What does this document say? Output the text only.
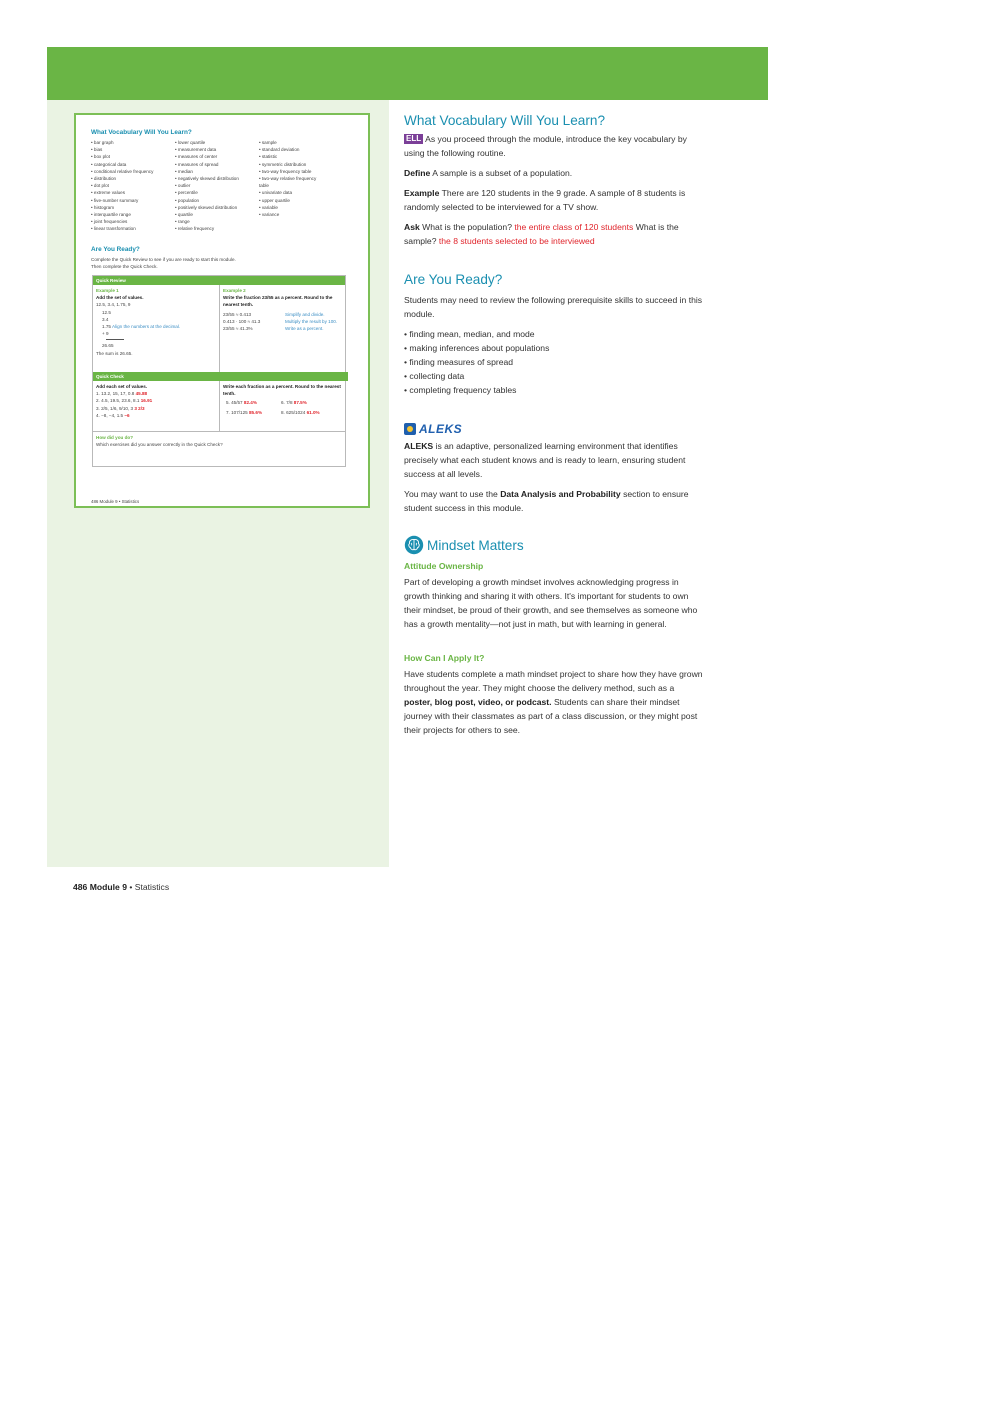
What Vocabulary Will You Learn?
• bar graph
• bias
• box plot
• categorical data
• conditional relative frequency
• distribution
• dot plot
• extreme values
• five-number summary
• histogram
• interquartile range
• joint frequencies
• linear transformation
• lower quartile
• measurement data
• measures of center
• measures of spread
• median
• negatively skewed distribution
• outlier
• percentile
• population
• positively skewed distribution
• quartile
• range
• relative frequency
• sample
• standard deviation
• statistic
• symmetric distribution
• two-way frequency table
• two-way relative frequency
table
• univariate data
• upper quartile
• variable
• variance
Are You Ready?
Complete the Quick Review to see if you are ready to start this module.
Then complete the Quick Check.
Quick Review
Example 1
Add the set of values.
12.5, 3.4, 1.75, 9
12.5
3.4
1.75 Align the numbers at the decimal.
+ 9
26.65
The sum is 26.65.
Example 2
Write the fraction 23/55 as a percent. Round to the nearest tenth.
23/55 ≈ 0.413	Simplify and divide.
0.413 · 100 ≈ 41.3	Multiply the result by 100.
23/55 ≈ 41.3%	Write as a percent.
Quick Check
Add each set of values.
1. 13.2, 15, 17, 0.8 45.88
2. 4.5, 19.5, 23.6, 8.1 16.91
3. 2/5, 1/6, 9/10, 3 3 2/3
4. −8, −4, 1.5 −6
Write each fraction as a percent. Round to the nearest tenth.
5. 45/57 82.4%	6. 7/8 87.5%
7. 107/125 85.6%	8. 625/1024 61.0%
How did you do?
Which exercises did you answer correctly in the Quick Check?
486 Module 9 • Statistics
What Vocabulary Will You Learn?

ELL As you proceed through the module, introduce the key vocabulary by using the following routine.

Define A sample is a subset of a population.

Example There are 120 students in the 9 grade. A sample of 8 students is randomly selected to be interviewed for a TV show.

Ask What is the population? the entire class of 120 students What is the sample? the 8 students selected to be interviewed

Are You Ready?

Students may need to review the following prerequisite skills to succeed in this module.

• finding mean, median, and mode
• making inferences about populations
• finding measures of spread
• collecting data
• completing frequency tables
ALEKS

ALEKS is an adaptive, personalized learning environment that identifies precisely what each student knows and is ready to learn, ensuring student success at all levels.

You may want to use the Data Analysis and Probability section to ensure student success in this module.

Mindset Matters
Attitude Ownership

Part of developing a growth mindset involves acknowledging progress in growth thinking and sharing it with others. It's important for students to own their mindset, be proud of their growth, and see themselves as someone who has a growth mentality—not just in math, but with learning in general.

How Can I Apply It?

Have students complete a math mindset project to share how they have grown throughout the year. They might choose the delivery method, such as a poster, blog post, video, or podcast. Students can share their mindset journey with their classmates as part of a class discussion, or they might post their projects for others to see.

486 Module 9 • Statistics
